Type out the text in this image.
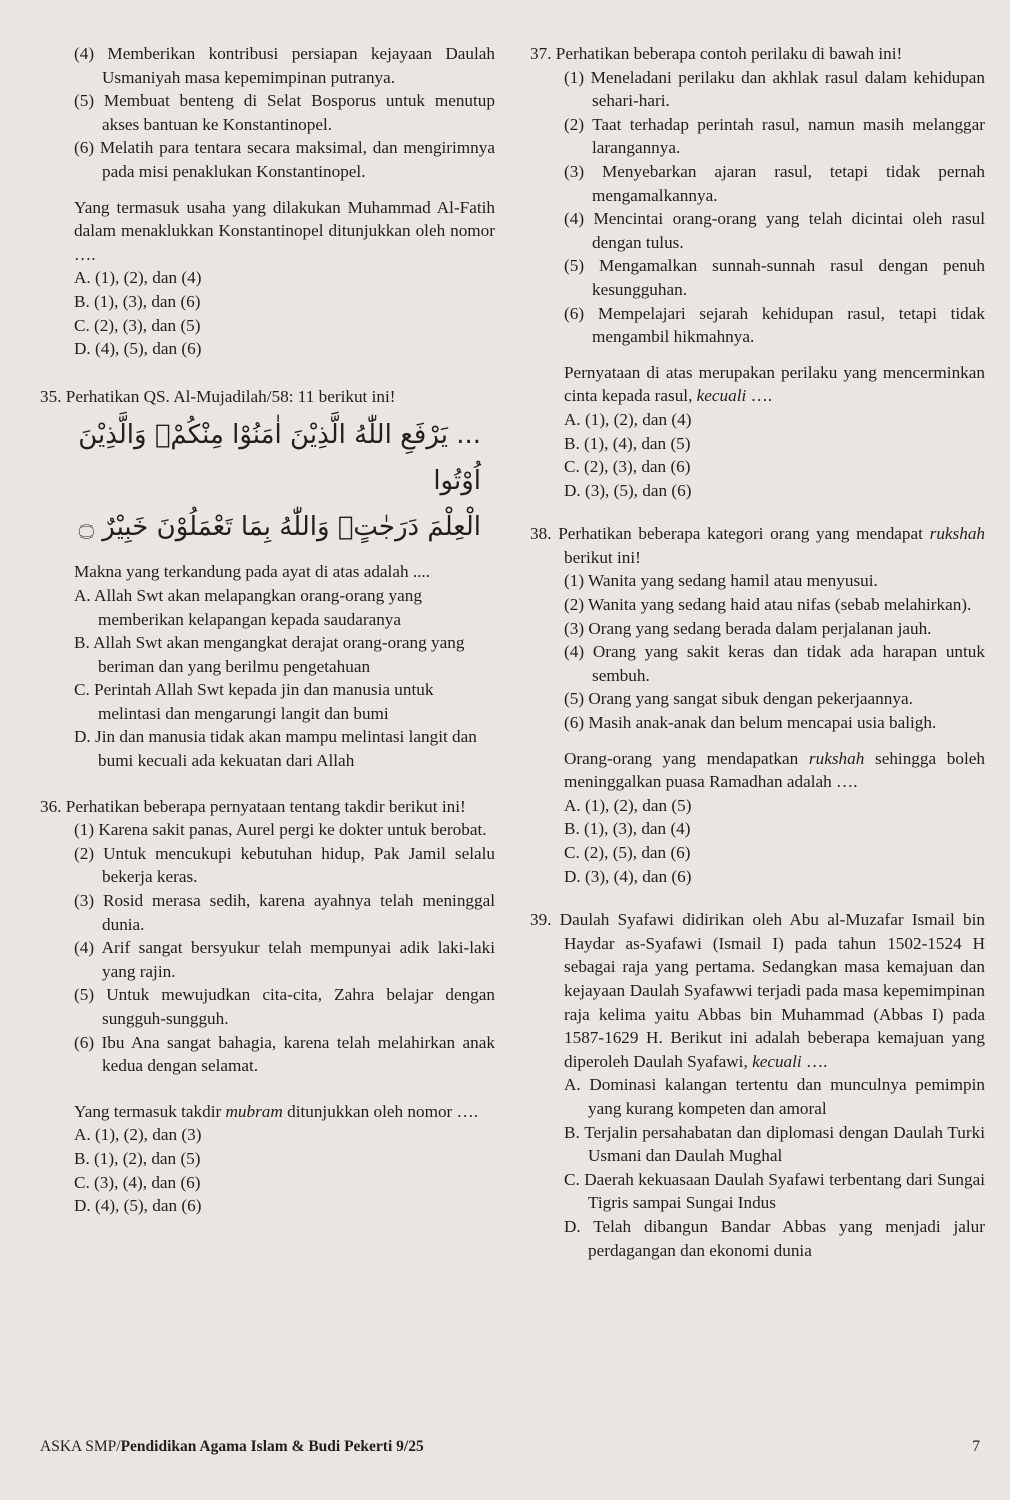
(4) Memberikan kontribusi persiapan kejayaan Daulah Usmaniyah masa kepemimpinan putranya.

(5) Membuat benteng di Selat Bosporus untuk menutup akses bantuan ke Konstantinopel.

(6) Melatih para tentara secara maksimal, dan mengirimnya pada misi penaklukan Konstantinopel.

Yang termasuk usaha yang dilakukan Muhammad Al-Fatih dalam menaklukkan Konstantinopel ditunjukkan oleh nomor ….

A. (1), (2), dan (4)

B. (1), (3), dan (6)

C. (2), (3), dan (5)

D. (4), (5), dan (6)

35. Perhatikan QS. Al-Mujadilah/58: 11 berikut ini!

... يَرْفَعِ اللّٰهُ الَّذِيْنَ اٰمَنُوْا مِنْكُمْۙ وَالَّذِيْنَ اُوْتُوا
الْعِلْمَ دَرَجٰتٍۗ وَاللّٰهُ بِمَا تَعْمَلُوْنَ خَبِيْرٌ ۝

Makna yang terkandung pada ayat di atas adalah ....

A. Allah Swt akan melapangkan orang-orang yang memberikan kelapangan kepada saudaranya

B. Allah Swt akan mengangkat derajat orang-orang yang beriman dan yang berilmu pengetahuan

C. Perintah Allah Swt kepada jin dan manusia untuk melintasi dan mengarungi langit dan bumi

D. Jin dan manusia tidak akan mampu melintasi langit dan bumi kecuali ada kekuatan dari Allah

36. Perhatikan beberapa pernyataan tentang takdir berikut ini!

(1) Karena sakit panas, Aurel pergi ke dokter untuk berobat.

(2) Untuk mencukupi kebutuhan hidup, Pak Jamil selalu bekerja keras.

(3) Rosid merasa sedih, karena ayahnya telah meninggal dunia.

(4) Arif sangat bersyukur telah mempunyai adik laki-laki yang rajin.

(5) Untuk mewujudkan cita-cita, Zahra belajar dengan sungguh-sungguh.

(6) Ibu Ana sangat bahagia, karena telah melahirkan anak kedua dengan selamat.

Yang termasuk takdir mubram ditunjukkan oleh nomor ….

A. (1), (2), dan (3)

B. (1), (2), dan (5)

C. (3), (4), dan (6)

D. (4), (5), dan (6)

37. Perhatikan beberapa contoh perilaku di bawah ini!

(1) Meneladani perilaku dan akhlak rasul dalam kehidupan sehari-hari.

(2) Taat terhadap perintah rasul, namun masih melanggar larangannya.

(3) Menyebarkan ajaran rasul, tetapi tidak pernah mengamalkannya.

(4) Mencintai orang-orang yang telah dicintai oleh rasul dengan tulus.

(5) Mengamalkan sunnah-sunnah rasul dengan penuh kesungguhan.

(6) Mempelajari sejarah kehidupan rasul, tetapi tidak mengambil hikmahnya.

Pernyataan di atas merupakan perilaku yang mencerminkan cinta kepada rasul, kecuali ….

A. (1), (2), dan (4)

B. (1), (4), dan (5)

C. (2), (3), dan (6)

D. (3), (5), dan (6)

38. Perhatikan beberapa kategori orang yang mendapat rukshah berikut ini!

(1) Wanita yang sedang hamil atau menyusui.

(2) Wanita yang sedang haid atau nifas (sebab melahirkan).

(3) Orang yang sedang berada dalam perjalanan jauh.

(4) Orang yang sakit keras dan tidak ada harapan untuk sembuh.

(5) Orang yang sangat sibuk dengan pekerjaannya.

(6) Masih anak-anak dan belum mencapai usia baligh.

Orang-orang yang mendapatkan rukshah sehingga boleh meninggalkan puasa Ramadhan adalah ….

A. (1), (2), dan (5)

B. (1), (3), dan (4)

C. (2), (5), dan (6)

D. (3), (4), dan (6)

39. Daulah Syafawi didirikan oleh Abu al-Muzafar Ismail bin Haydar as-Syafawi (Ismail I) pada tahun 1502-1524 H sebagai raja yang pertama. Sedangkan masa kemajuan dan kejayaan Daulah Syafawwi terjadi pada masa kepemimpinan raja kelima yaitu Abbas bin Muhammad (Abbas I) pada 1587-1629 H. Berikut ini adalah beberapa kemajuan yang diperoleh Daulah Syafawi, kecuali ….

A. Dominasi kalangan tertentu dan munculnya pemimpin yang kurang kompeten dan amoral

B. Terjalin persahabatan dan diplomasi dengan Daulah Turki Usmani dan Daulah Mughal

C. Daerah kekuasaan Daulah Syafawi terbentang dari Sungai Tigris sampai Sungai Indus

D. Telah dibangun Bandar Abbas yang menjadi jalur perdagangan dan ekonomi dunia

ASKA SMP/Pendidikan Agama Islam & Budi Pekerti 9/25	7
